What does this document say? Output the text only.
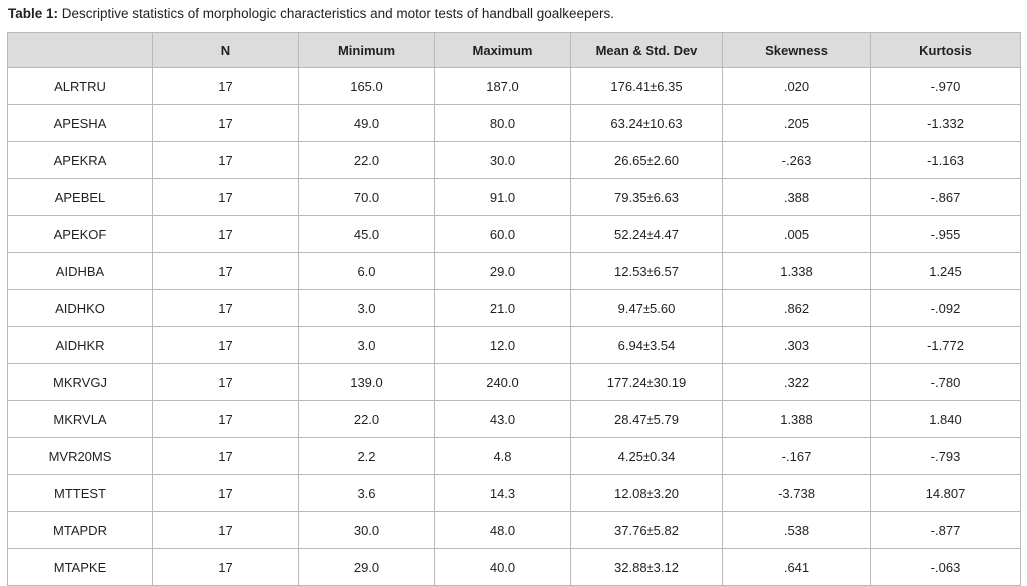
Table 1: Descriptive statistics of morphologic characteristics and motor tests of handball goalkeepers.
	N	Minimum	Maximum	Mean & Std. Dev	Skewness	Kurtosis
ALRTRU	17	165.0	187.0	176.41±6.35	.020	-.970
APESHA	17	49.0	80.0	63.24±10.63	.205	-1.332
APEKRA	17	22.0	30.0	26.65±2.60	-.263	-1.163
APEBEL	17	70.0	91.0	79.35±6.63	.388	-.867
APEKOF	17	45.0	60.0	52.24±4.47	.005	-.955
AIDHBA	17	6.0	29.0	12.53±6.57	1.338	1.245
AIDHKO	17	3.0	21.0	9.47±5.60	.862	-.092
AIDHKR	17	3.0	12.0	6.94±3.54	.303	-1.772
MKRVGJ	17	139.0	240.0	177.24±30.19	.322	-.780
MKRVLA	17	22.0	43.0	28.47±5.79	1.388	1.840
MVR20MS	17	2.2	4.8	4.25±0.34	-.167	-.793
MTTEST	17	3.6	14.3	12.08±3.20	-3.738	14.807
MTAPDR	17	30.0	48.0	37.76±5.82	.538	-.877
MTAPKE	17	29.0	40.0	32.88±3.12	.641	-.063
